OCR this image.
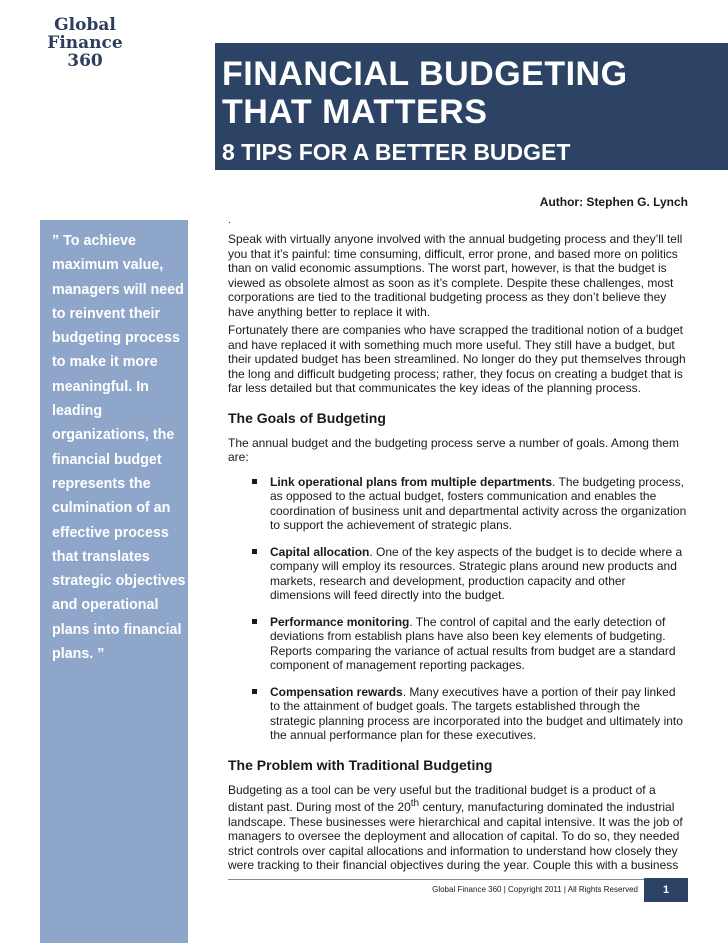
Global
Finance
360	FINANCIAL BUDGETING
THAT MATTERS
8 TIPS FOR A BETTER BUDGET
Author: Stephen G. Lynch

” To achieve maximum value, managers will need to reinvent their budgeting process to make it more meaningful. In leading organizations, the financial budget represents the culmination of an effective process that translates strategic objectives and operational plans into financial plans. ”

.

Speak with virtually anyone involved with the annual budgeting process and they’ll tell you that it’s painful: time consuming, difficult, error prone, and based more on politics than on valid economic assumptions. The worst part, however, is that the budget is viewed as obsolete almost as soon as it’s complete. Despite these challenges, most corporations are tied to the traditional budgeting process as they don’t believe they have anything better to replace it with.

Fortunately there are companies who have scrapped the traditional notion of a budget and have replaced it with something much more useful. They still have a budget, but their updated budget has been streamlined. No longer do they put themselves through the long and difficult budgeting process; rather, they focus on creating a budget that is far less detailed but that communicates the key ideas of the planning process.

The Goals of Budgeting

The annual budget and the budgeting process serve a number of goals. Among them are:

Link operational plans from multiple departments. The budgeting process, as opposed to the actual budget, fosters communication and enables the coordination of business unit and departmental activity across the organization to support the achievement of strategic plans.
Capital allocation. One of the key aspects of the budget is to decide where a company will employ its resources. Strategic plans around new products and markets, research and development, production capacity and other dimensions will feed directly into the budget.
Performance monitoring. The control of capital and the early detection of deviations from establish plans have also been key elements of budgeting. Reports comparing the variance of actual results from budget are a standard component of management reporting packages.
Compensation rewards. Many executives have a portion of their pay linked to the attainment of budget goals. The targets established through the strategic planning process are incorporated into the budget and ultimately into the annual performance plan for these executives.
The Problem with Traditional Budgeting

Budgeting as a tool can be very useful but the traditional budget is a product of a distant past. During most of the 20th century, manufacturing dominated the industrial landscape. These businesses were hierarchical and capital intensive. It was the job of managers to oversee the deployment and allocation of capital. To do so, they needed strict controls over capital allocations and information to understand how closely they were tracking to their financial objectives during the year. Couple this with a business

Global Finance 360 | Copyright 2011 | All Rights Reserved	1
